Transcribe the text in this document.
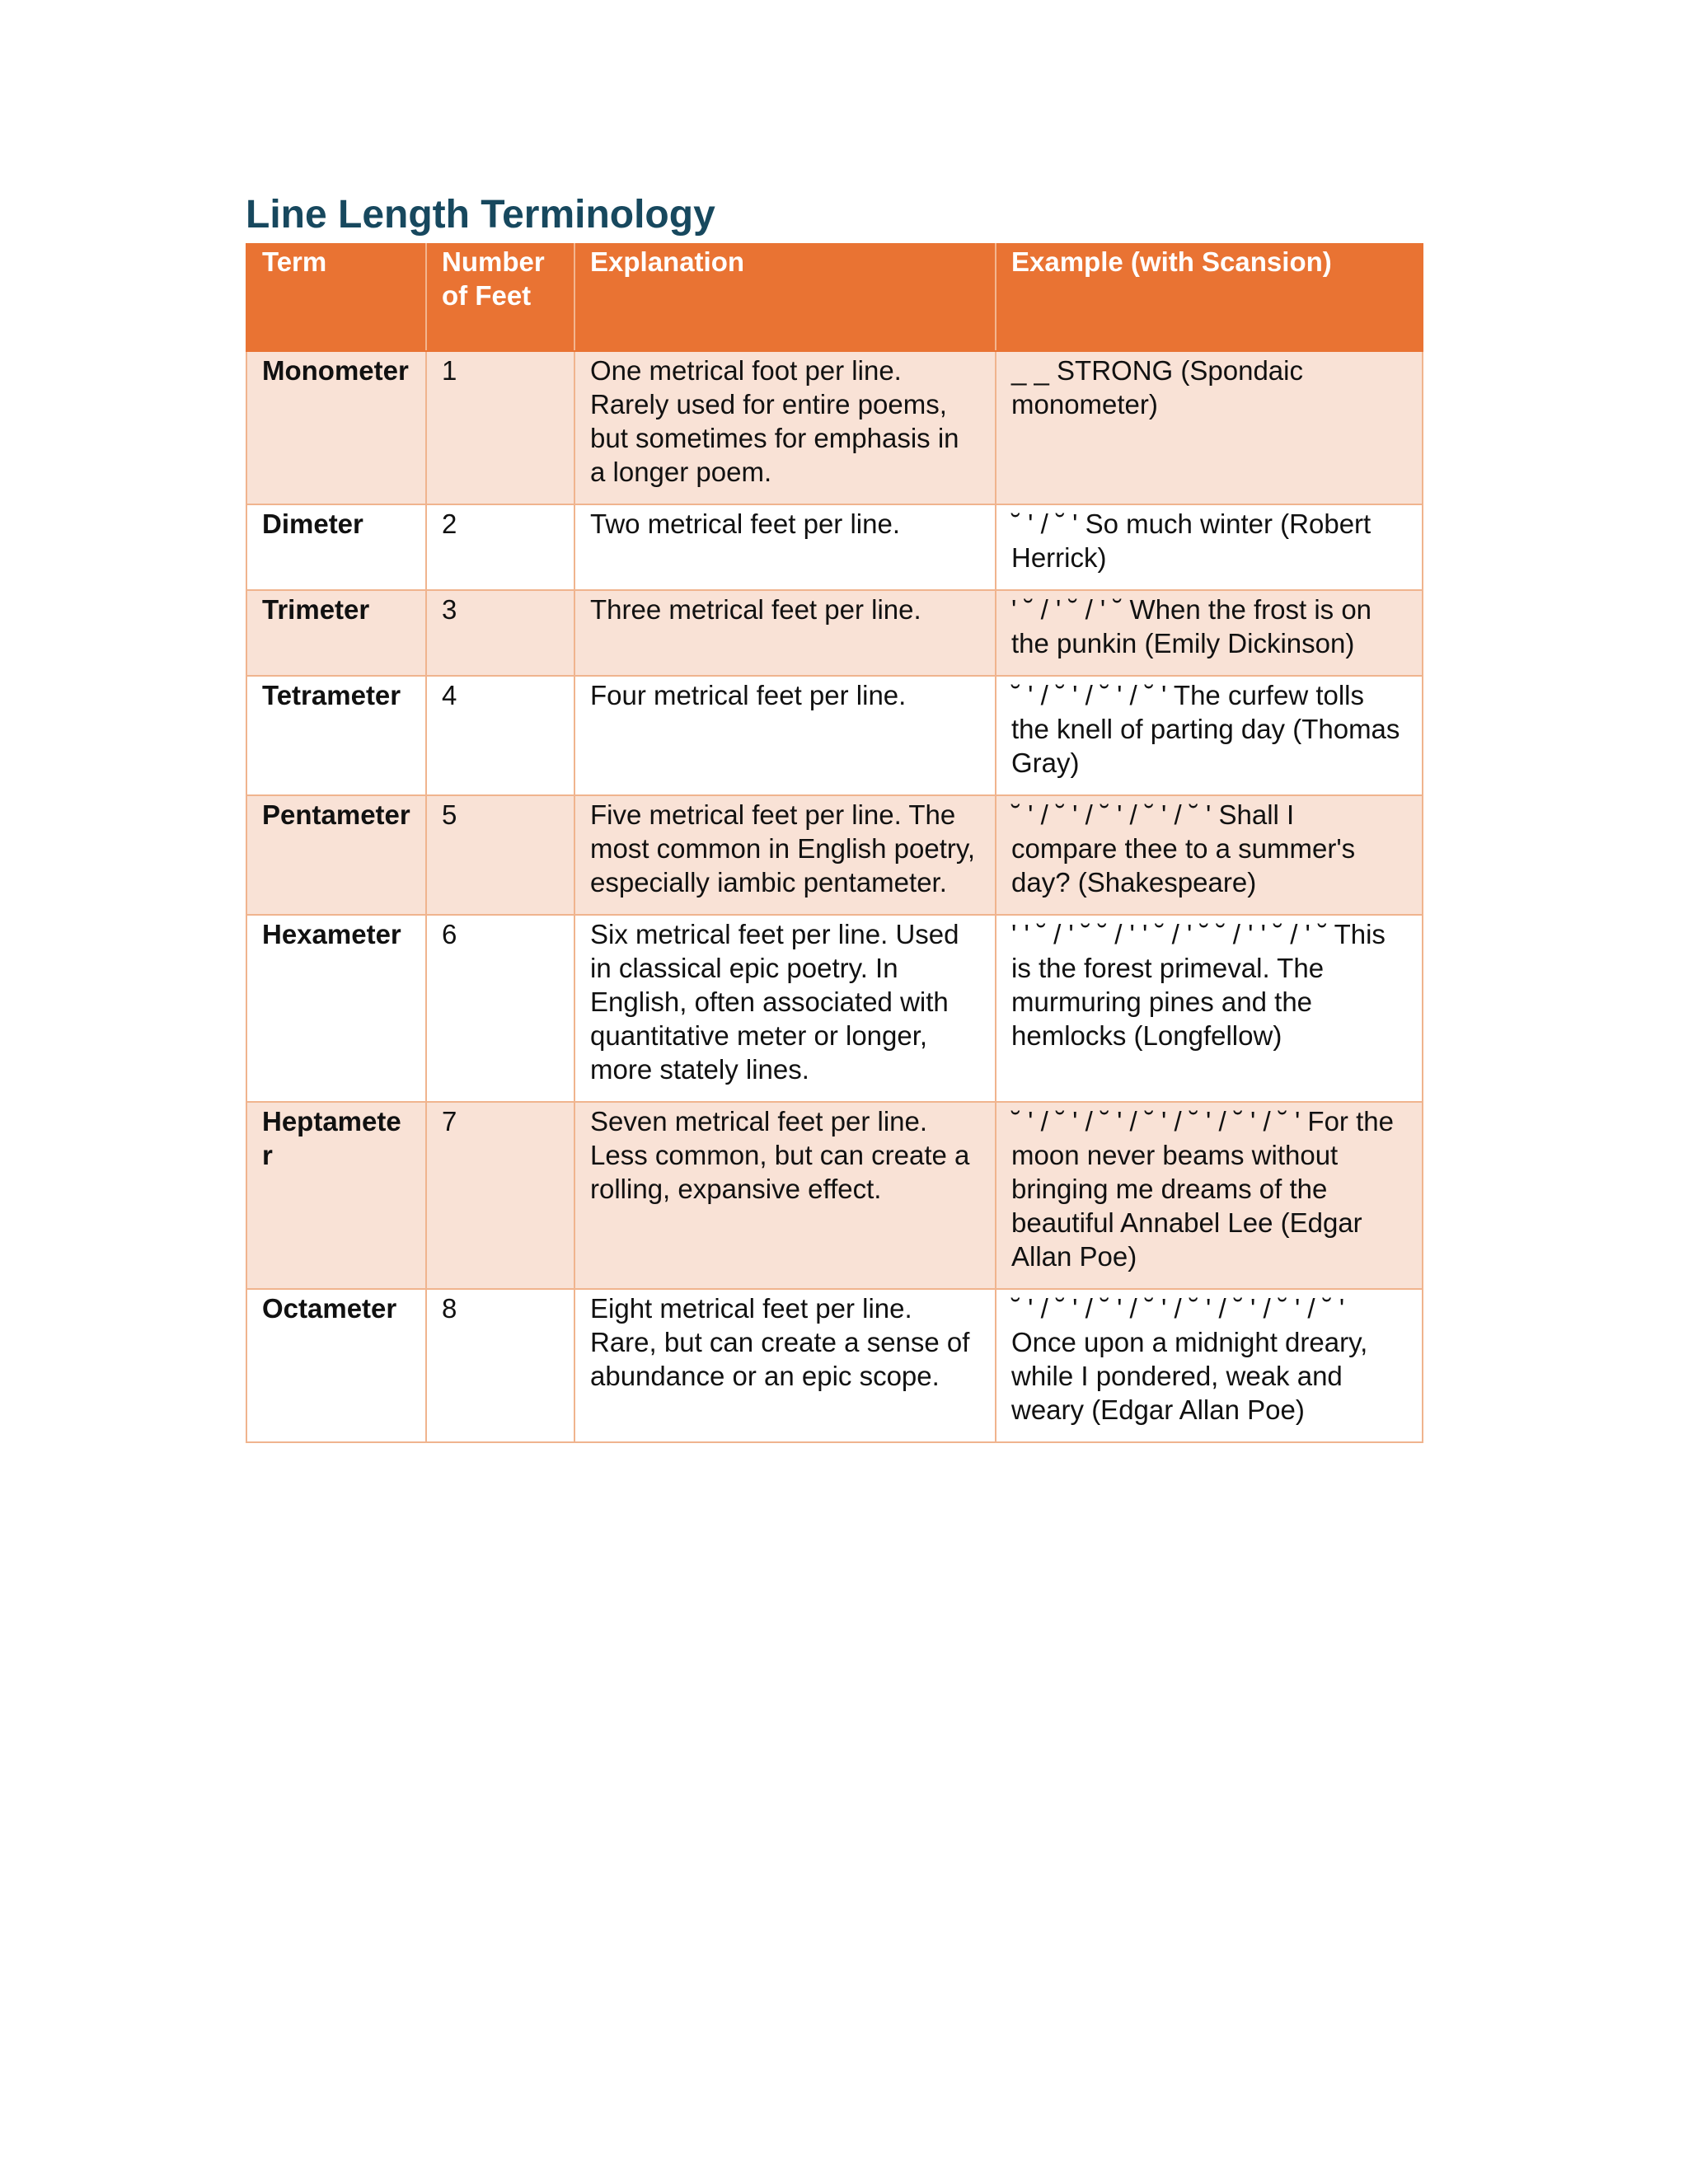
Line Length Terminology
Term	Number of Feet	Explanation	Example (with Scansion)
Monometer	1	One metrical foot per line. Rarely used for entire poems, but sometimes for emphasis in a longer poem.	_ _ STRONG (Spondaic monometer)
Dimeter	2	Two metrical feet per line.	˘ ' / ˘ ' So much winter (Robert Herrick)
Trimeter	3	Three metrical feet per line.	' ˘ / ' ˘ / ' ˘ When the frost is on the punkin (Emily Dickinson)
Tetrameter	4	Four metrical feet per line.	˘ ' / ˘ ' / ˘ ' / ˘ ' The curfew tolls the knell of parting day (Thomas Gray)
Pentameter	5	Five metrical feet per line. The most common in English poetry, especially iambic pentameter.	˘ ' / ˘ ' / ˘ ' / ˘ ' / ˘ ' Shall I compare thee to a summer's day? (Shakespeare)
Hexameter	6	Six metrical feet per line. Used in classical epic poetry. In English, often associated with quantitative meter or longer, more stately lines.	' ' ˘ / ' ˘ ˘ / ' ' ˘ / ' ˘ ˘ / ' ' ˘ / ' ˘ This is the forest primeval. The murmuring pines and the hemlocks (Longfellow)
Heptameter	7	Seven metrical feet per line. Less common, but can create a rolling, expansive effect.	˘ ' / ˘ ' / ˘ ' / ˘ ' / ˘ ' / ˘ ' / ˘ ' For the moon never beams without bringing me dreams of the beautiful Annabel Lee (Edgar Allan Poe)
Octameter	8	Eight metrical feet per line. Rare, but can create a sense of abundance or an epic scope.	˘ ' / ˘ ' / ˘ ' / ˘ ' / ˘ ' / ˘ ' / ˘ ' / ˘ ' Once upon a midnight dreary, while I pondered, weak and weary (Edgar Allan Poe)
